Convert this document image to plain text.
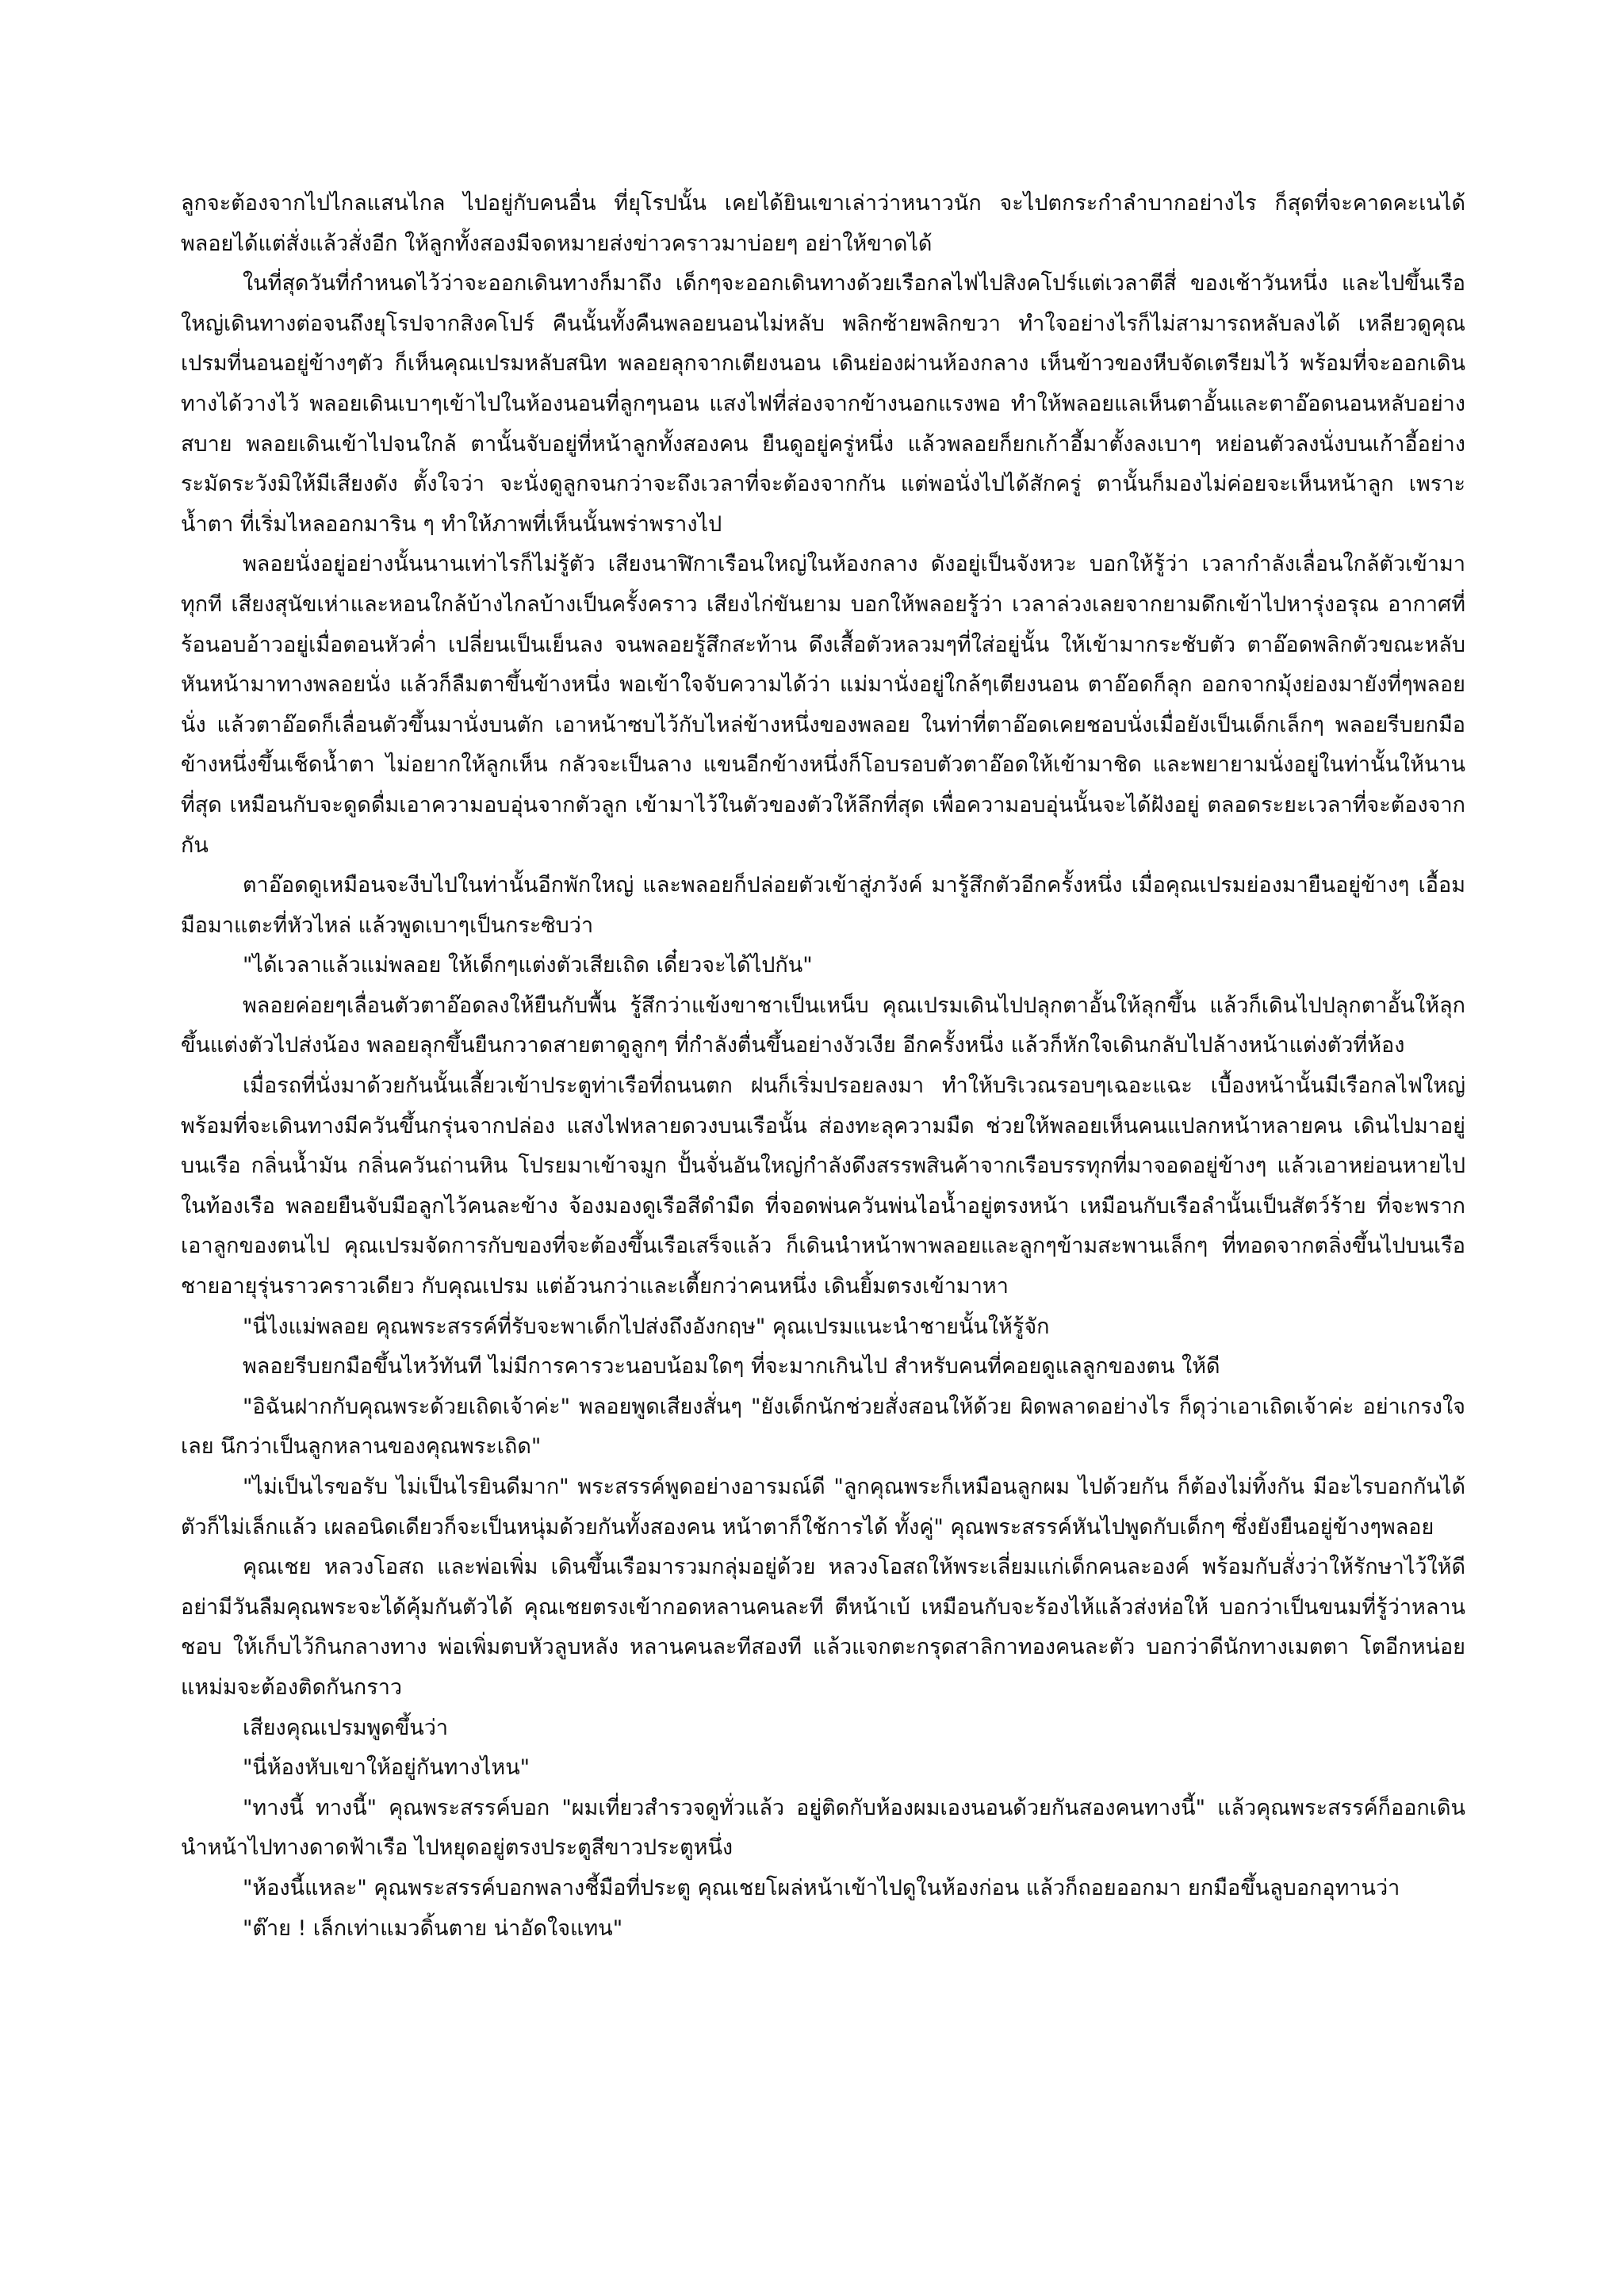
ลูกจะต้องจากไปไกลแสนไกล ไปอยู่กับคนอื่น ที่ยุโรปนั้น เคยได้ยินเขาเล่าว่าหนาวนัก จะไปตกระกำลำบากอย่างไร ก็สุดที่จะคาดคะเนได้ พลอยได้แต่สั่งแล้วสั่งอีก ให้ลูกทั้งสองมีจดหมายส่งข่าวคราวมาบ่อยๆ อย่าให้ขาดได้

ในที่สุดวันที่กำหนดไว้ว่าจะออกเดินทางก็มาถึง เด็กๆจะออกเดินทางด้วยเรือกลไฟไปสิงคโปร์แต่เวลาตีสี่ ของเช้าวันหนึ่ง และไปขึ้นเรือใหญ่เดินทางต่อจนถึงยุโรปจากสิงคโปร์ คืนนั้นทั้งคืนพลอยนอนไม่หลับ พลิกซ้ายพลิกขวา ทำใจอย่างไรก็ไม่สามารถหลับลงได้ เหลียวดูคุณเปรมที่นอนอยู่ข้างๆตัว ก็เห็นคุณเปรมหลับสนิท พลอยลุกจากเตียงนอน เดินย่องผ่านห้องกลาง เห็นข้าวของหีบจัดเตรียมไว้ พร้อมที่จะออกเดินทางได้วางไว้ พลอยเดินเบาๆเข้าไปในห้องนอนที่ลูกๆนอน แสงไฟที่ส่องจากข้างนอกแรงพอ ทำให้พลอยแลเห็นตาอั้นและตาอ๊อดนอนหลับอย่างสบาย พลอยเดินเข้าไปจนใกล้ ตานั้นจับอยู่ที่หน้าลูกทั้งสองคน ยืนดูอยู่ครู่หนึ่ง แล้วพลอยก็ยกเก้าอี้มาตั้งลงเบาๆ หย่อนตัวลงนั่งบนเก้าอี้อย่างระมัดระวังมิให้มีเสียงดัง ตั้งใจว่า จะนั่งดูลูกจนกว่าจะถึงเวลาที่จะต้องจากกัน แต่พอนั่งไปได้สักครู่ ตานั้นก็มองไม่ค่อยจะเห็นหน้าลูก เพราะน้ำตา ที่เริ่มไหลออกมาริน ๆ ทำให้ภาพที่เห็นนั้นพร่าพรางไป

พลอยนั่งอยู่อย่างนั้นนานเท่าไรก็ไม่รู้ตัว เสียงนาฬิกาเรือนใหญ่ในห้องกลาง ดังอยู่เป็นจังหวะ บอกให้รู้ว่า เวลากำลังเลื่อนใกล้ตัวเข้ามาทุกที เสียงสุนัขเห่าและหอนใกล้บ้างไกลบ้างเป็นครั้งคราว เสียงไก่ขันยาม บอกให้พลอยรู้ว่า เวลาล่วงเลยจากยามดึกเข้าไปหารุ่งอรุณ อากาศที่ร้อนอบอ้าวอยู่เมื่อตอนหัวค่ำ เปลี่ยนเป็นเย็นลง จนพลอยรู้สึกสะท้าน ดึงเสื้อตัวหลวมๆที่ใส่อยู่นั้น ให้เข้ามากระชับตัว ตาอ๊อดพลิกตัวขณะหลับ หันหน้ามาทางพลอยนั่ง แล้วก็ลืมตาขึ้นข้างหนึ่ง พอเข้าใจจับความได้ว่า แม่มานั่งอยู่ใกล้ๆเตียงนอน ตาอ๊อดก็ลุก ออกจากมุ้งย่องมายังที่ๆพลอยนั่ง แล้วตาอ๊อดก็เลื่อนตัวขึ้นมานั่งบนตัก เอาหน้าซบไว้กับไหล่ข้างหนึ่งของพลอย ในท่าที่ตาอ๊อดเคยชอบนั่งเมื่อยังเป็นเด็กเล็กๆ พลอยรีบยกมือข้างหนึ่งขึ้นเช็ดน้ำตา ไม่อยากให้ลูกเห็น กลัวจะเป็นลาง แขนอีกข้างหนึ่งก็โอบรอบตัวตาอ๊อดให้เข้ามาชิด และพยายามนั่งอยู่ในท่านั้นให้นานที่สุด เหมือนกับจะดูดดื่มเอาความอบอุ่นจากตัวลูก เข้ามาไว้ในตัวของตัวให้ลึกที่สุด เพื่อความอบอุ่นนั้นจะได้ฝังอยู่ ตลอดระยะเวลาที่จะต้องจากกัน

ตาอ๊อดดูเหมือนจะงีบไปในท่านั้นอีกพักใหญ่ และพลอยก็ปล่อยตัวเข้าสู่ภวังค์ มารู้สึกตัวอีกครั้งหนึ่ง เมื่อคุณเปรมย่องมายืนอยู่ข้างๆ เอื้อมมือมาแตะที่หัวไหล่ แล้วพูดเบาๆเป็นกระซิบว่า

"ได้เวลาแล้วแม่พลอย ให้เด็กๆแต่งตัวเสียเถิด เดี๋ยวจะได้ไปกัน"

พลอยค่อยๆเลื่อนตัวตาอ๊อดลงให้ยืนกับพื้น รู้สึกว่าแข้งขาชาเป็นเหน็บ คุณเปรมเดินไปปลุกตาอั้นให้ลุกขึ้น แล้วก็เดินไปปลุกตาอั้นให้ลุกขึ้นแต่งตัวไปส่งน้อง พลอยลุกขึ้นยืนกวาดสายตาดูลูกๆ ที่กำลังตื่นขึ้นอย่างงัวเงีย อีกครั้งหนึ่ง แล้วก็หักใจเดินกลับไปล้างหน้าแต่งตัวที่ห้อง

เมื่อรถที่นั่งมาด้วยกันนั้นเลี้ยวเข้าประตูท่าเรือที่ถนนตก ฝนก็เริ่มปรอยลงมา ทำให้บริเวณรอบๆเฉอะแฉะ เบื้องหน้านั้นมีเรือกลไฟใหญ่ พร้อมที่จะเดินทางมีควันขึ้นกรุ่นจากปล่อง แสงไฟหลายดวงบนเรือนั้น ส่องทะลุความมืด ช่วยให้พลอยเห็นคนแปลกหน้าหลายคน เดินไปมาอยู่บนเรือ กลิ่นน้ำมัน กลิ่นควันถ่านหิน โปรยมาเข้าจมูก ปั้นจั่นอันใหญ่กำลังดึงสรรพสินค้าจากเรือบรรทุกที่มาจอดอยู่ข้างๆ แล้วเอาหย่อนหายไป ในท้องเรือ พลอยยืนจับมือลูกไว้คนละข้าง จ้องมองดูเรือสีดำมืด ที่จอดพ่นควันพ่นไอน้ำอยู่ตรงหน้า เหมือนกับเรือลำนั้นเป็นสัตว์ร้าย ที่จะพรากเอาลูกของตนไป คุณเปรมจัดการกับของที่จะต้องขึ้นเรือเสร็จแล้ว ก็เดินนำหน้าพาพลอยและลูกๆข้ามสะพานเล็กๆ ที่ทอดจากตลิ่งขึ้นไปบนเรือ ชายอายุรุ่นราวคราวเดียว กับคุณเปรม แต่อ้วนกว่าและเตี้ยกว่าคนหนึ่ง เดินยิ้มตรงเข้ามาหา

"นี่ไงแม่พลอย คุณพระสรรค์ที่รับจะพาเด็กไปส่งถึงอังกฤษ" คุณเปรมแนะนำชายนั้นให้รู้จัก

พลอยรีบยกมือขึ้นไหว้ทันที ไม่มีการคารวะนอบน้อมใดๆ ที่จะมากเกินไป สำหรับคนที่คอยดูแลลูกของตน ให้ดี

"อิฉันฝากกับคุณพระด้วยเถิดเจ้าค่ะ" พลอยพูดเสียงสั่นๆ "ยังเด็กนักช่วยสั่งสอนให้ด้วย ผิดพลาดอย่างไร ก็ดุว่าเอาเถิดเจ้าค่ะ อย่าเกรงใจเลย นึกว่าเป็นลูกหลานของคุณพระเถิด"

"ไม่เป็นไรขอรับ ไม่เป็นไรยินดีมาก" พระสรรค์พูดอย่างอารมณ์ดี "ลูกคุณพระก็เหมือนลูกผม ไปด้วยกัน ก็ต้องไม่ทิ้งกัน มีอะไรบอกกันได้ ตัวก็ไม่เล็กแล้ว เผลอนิดเดียวก็จะเป็นหนุ่มด้วยกันทั้งสองคน หน้าตาก็ใช้การได้ ทั้งคู่" คุณพระสรรค์หันไปพูดกับเด็กๆ ซึ่งยังยืนอยู่ข้างๆพลอย

คุณเชย หลวงโอสถ และพ่อเพิ่ม เดินขึ้นเรือมารวมกลุ่มอยู่ด้วย หลวงโอสถให้พระเลี่ยมแก่เด็กคนละองค์ พร้อมกับสั่งว่าให้รักษาไว้ให้ดี อย่ามีวันลืมคุณพระจะได้คุ้มกันตัวได้ คุณเชยตรงเข้ากอดหลานคนละที ตีหน้าเบ้ เหมือนกับจะร้องไห้แล้วส่งห่อให้ บอกว่าเป็นขนมที่รู้ว่าหลานชอบ ให้เก็บไว้กินกลางทาง พ่อเพิ่มตบหัวลูบหลัง หลานคนละทีสองที แล้วแจกตะกรุดสาลิกาทองคนละตัว บอกว่าดีนักทางเมตตา โตอีกหน่อย แหม่มจะต้องติดกันกราว

เสียงคุณเปรมพูดขึ้นว่า

"นี่ห้องหับเขาให้อยู่กันทางไหน"

"ทางนี้ ทางนี้" คุณพระสรรค์บอก "ผมเที่ยวสำรวจดูทั่วแล้ว อยู่ติดกับห้องผมเองนอนด้วยกันสองคนทางนี้" แล้วคุณพระสรรค์ก็ออกเดินนำหน้าไปทางดาดฟ้าเรือ ไปหยุดอยู่ตรงประตูสีขาวประตูหนึ่ง

"ห้องนี้แหละ" คุณพระสรรค์บอกพลางชี้มือที่ประตู คุณเชยโผล่หน้าเข้าไปดูในห้องก่อน แล้วก็ถอยออกมา ยกมือขึ้นลูบอกอุทานว่า

"ต๊าย ! เล็กเท่าแมวดิ้นตาย น่าอัดใจแทน"
